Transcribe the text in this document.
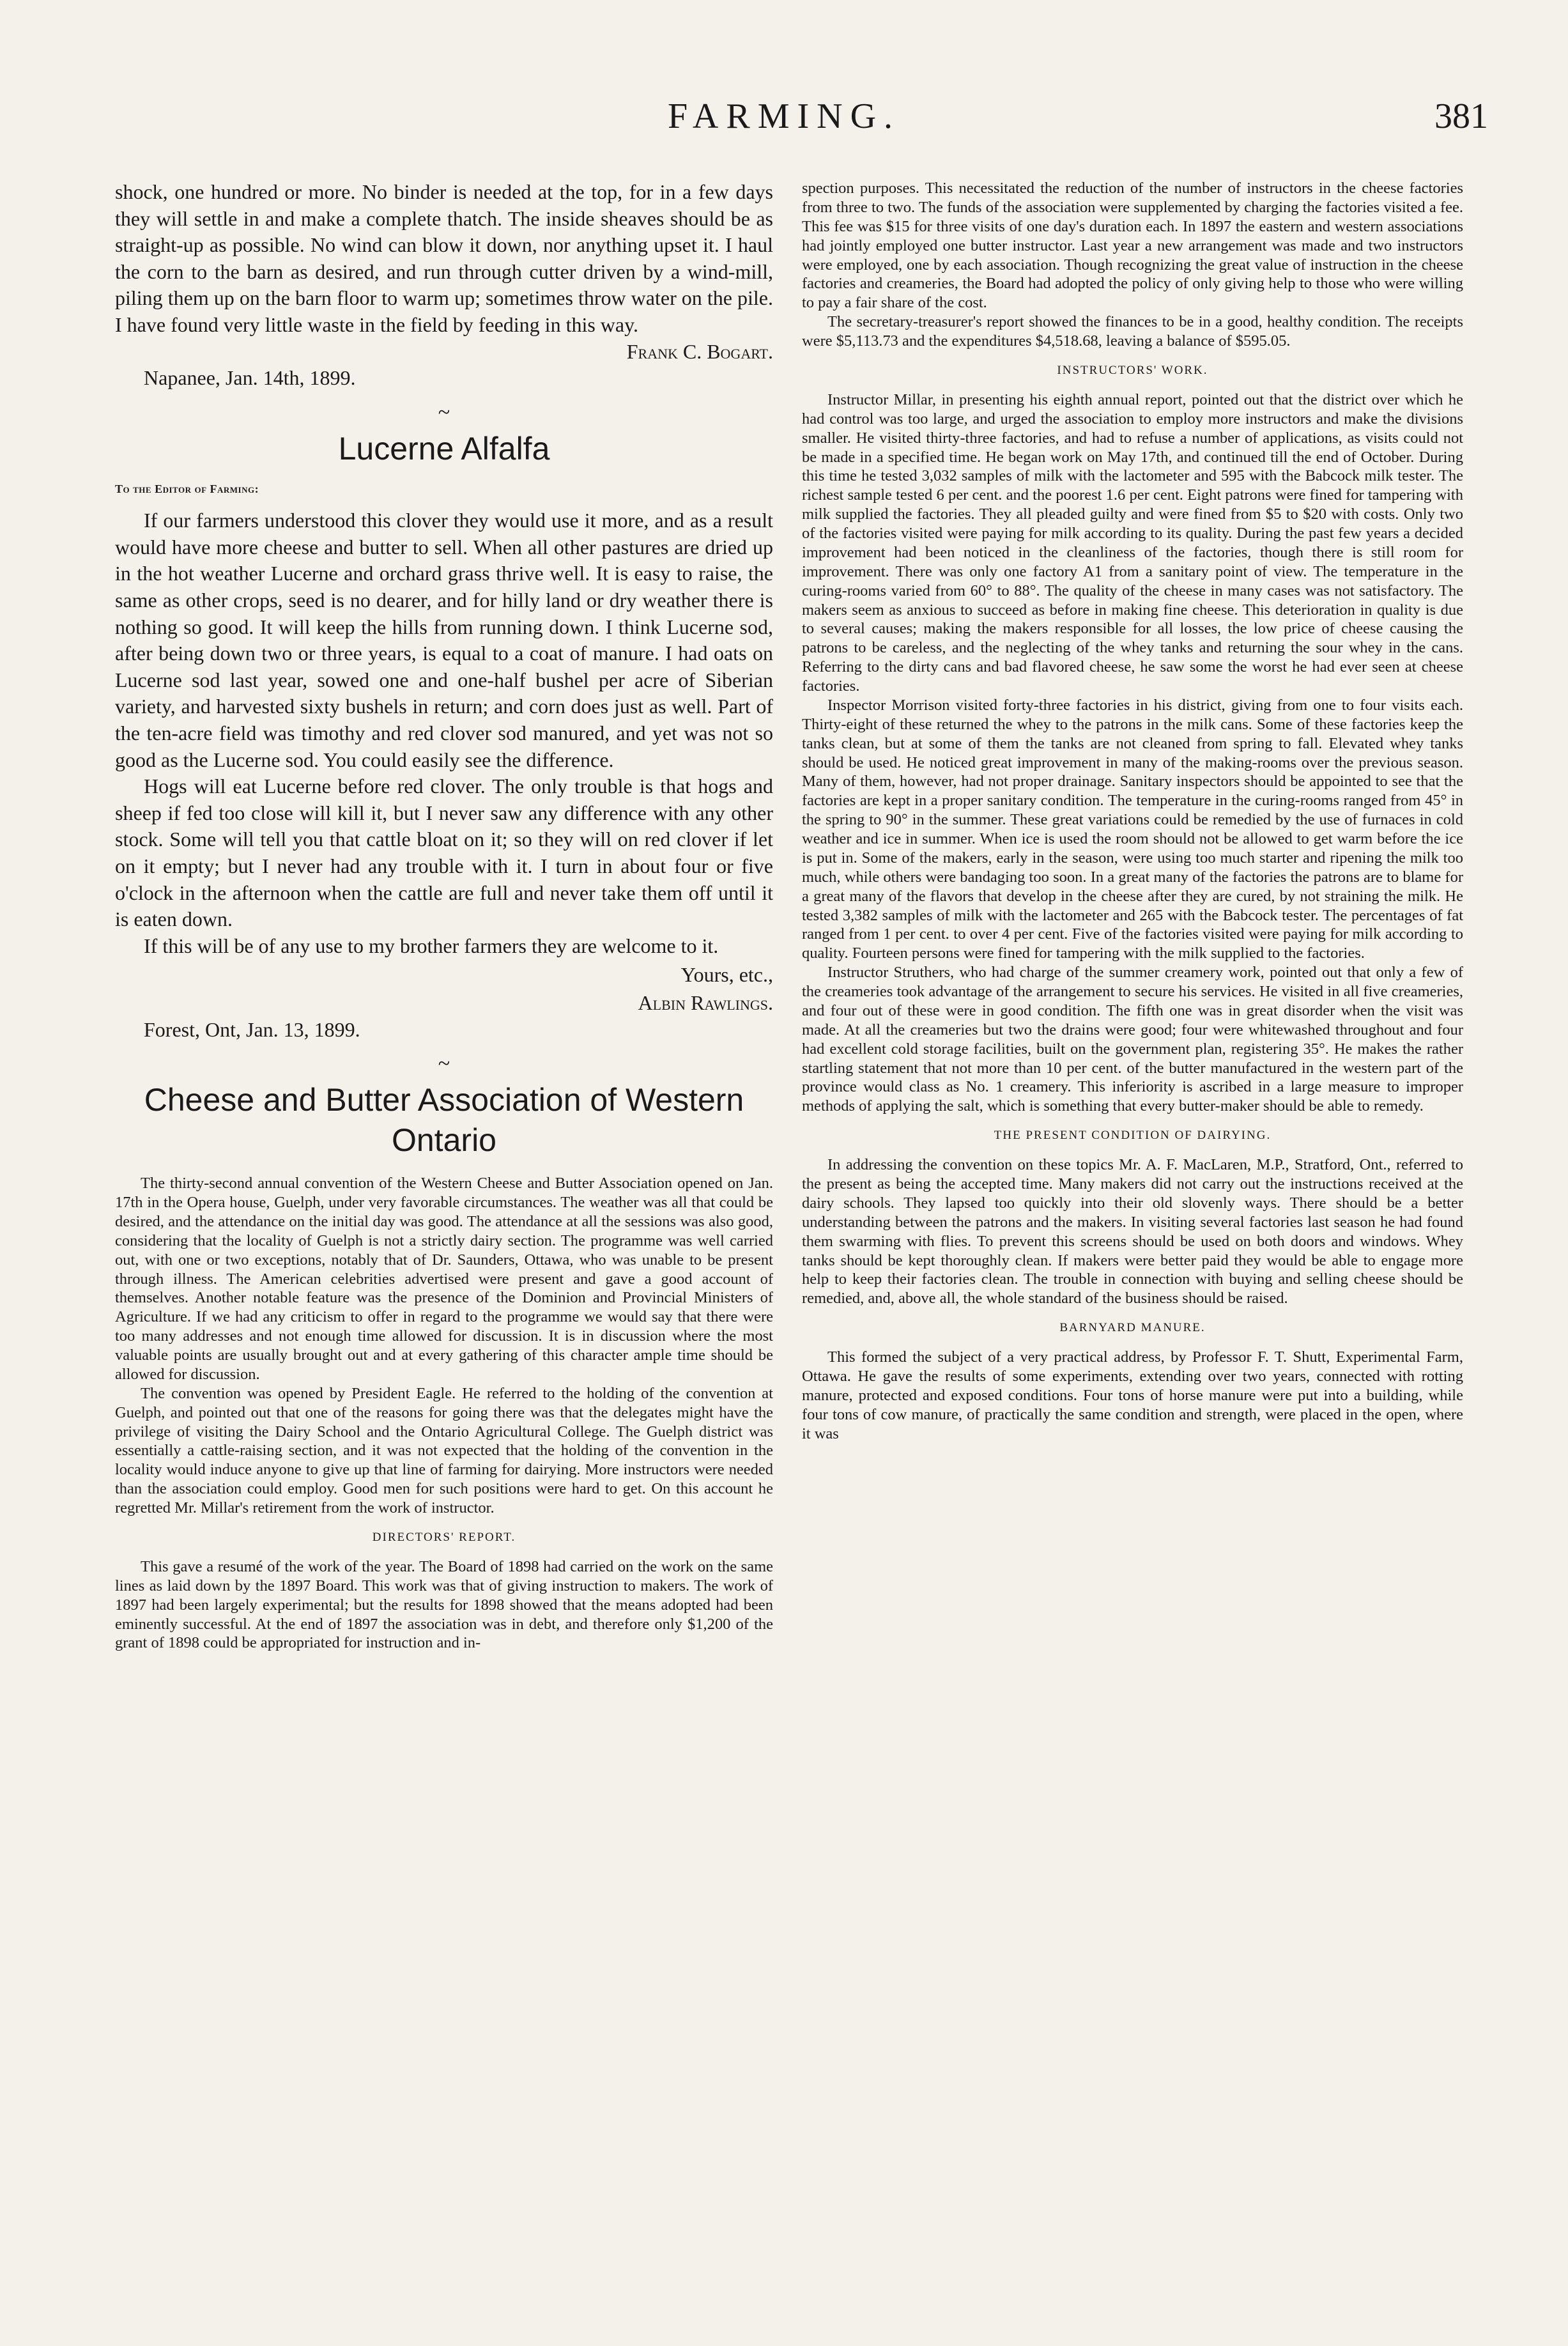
FARMING.	381

shock, one hundred or more. No binder is needed at the top, for in a few days they will settle in and make a complete thatch. The inside sheaves should be as straight-up as possible. No wind can blow it down, nor anything upset it. I haul the corn to the barn as desired, and run through cutter driven by a wind-mill, piling them up on the barn floor to warm up; sometimes throw water on the pile. I have found very little waste in the field by feeding in this way.

Frank C. Bogart.

Napanee, Jan. 14th, 1899.

~
Lucerne Alfalfa
To the Editor of Farming:

If our farmers understood this clover they would use it more, and as a result would have more cheese and butter to sell. When all other pastures are dried up in the hot weather Lucerne and orchard grass thrive well. It is easy to raise, the same as other crops, seed is no dearer, and for hilly land or dry weather there is nothing so good. It will keep the hills from running down. I think Lucerne sod, after being down two or three years, is equal to a coat of manure. I had oats on Lucerne sod last year, sowed one and one-half bushel per acre of Siberian variety, and harvested sixty bushels in return; and corn does just as well. Part of the ten-acre field was timothy and red clover sod manured, and yet was not so good as the Lucerne sod. You could easily see the difference.

Hogs will eat Lucerne before red clover. The only trouble is that hogs and sheep if fed too close will kill it, but I never saw any difference with any other stock. Some will tell you that cattle bloat on it; so they will on red clover if let on it empty; but I never had any trouble with it. I turn in about four or five o'clock in the afternoon when the cattle are full and never take them off until it is eaten down.

If this will be of any use to my brother farmers they are welcome to it.

Yours, etc.,

Albin Rawlings.

Forest, Ont, Jan. 13, 1899.

~
Cheese and Butter Association of Western Ontario

The thirty-second annual convention of the Western Cheese and Butter Association opened on Jan. 17th in the Opera house, Guelph, under very favorable circumstances. The weather was all that could be desired, and the attendance on the initial day was good. The attendance at all the sessions was also good, considering that the locality of Guelph is not a strictly dairy section. The programme was well carried out, with one or two exceptions, notably that of Dr. Saunders, Ottawa, who was unable to be present through illness. The American celebrities advertised were present and gave a good account of themselves. Another notable feature was the presence of the Dominion and Provincial Ministers of Agriculture. If we had any criticism to offer in regard to the programme we would say that there were too many addresses and not enough time allowed for discussion. It is in discussion where the most valuable points are usually brought out and at every gathering of this character ample time should be allowed for discussion.

The convention was opened by President Eagle. He referred to the holding of the convention at Guelph, and pointed out that one of the reasons for going there was that the delegates might have the privilege of visiting the Dairy School and the Ontario Agricultural College. The Guelph district was essentially a cattle-raising section, and it was not expected that the holding of the convention in the locality would induce anyone to give up that line of farming for dairying. More instructors were needed than the association could employ. Good men for such positions were hard to get. On this account he regretted Mr. Millar's retirement from the work of instructor.

DIRECTORS' REPORT.

This gave a resumé of the work of the year. The Board of 1898 had carried on the work on the same lines as laid down by the 1897 Board. This work was that of giving instruction to makers. The work of 1897 had been largely experimental; but the results for 1898 showed that the means adopted had been eminently successful. At the end of 1897 the association was in debt, and therefore only $1,200 of the grant of 1898 could be appropriated for instruction and in-

spection purposes. This necessitated the reduction of the number of instructors in the cheese factories from three to two. The funds of the association were supplemented by charging the factories visited a fee. This fee was $15 for three visits of one day's duration each. In 1897 the eastern and western associations had jointly employed one butter instructor. Last year a new arrangement was made and two instructors were employed, one by each association. Though recognizing the great value of instruction in the cheese factories and creameries, the Board had adopted the policy of only giving help to those who were willing to pay a fair share of the cost.

The secretary-treasurer's report showed the finances to be in a good, healthy condition. The receipts were $5,113.73 and the expenditures $4,518.68, leaving a balance of $595.05.

INSTRUCTORS' WORK.

Instructor Millar, in presenting his eighth annual report, pointed out that the district over which he had control was too large, and urged the association to employ more instructors and make the divisions smaller. He visited thirty-three factories, and had to refuse a number of applications, as visits could not be made in a specified time. He began work on May 17th, and continued till the end of October. During this time he tested 3,032 samples of milk with the lactometer and 595 with the Babcock milk tester. The richest sample tested 6 per cent. and the poorest 1.6 per cent. Eight patrons were fined for tampering with milk supplied the factories. They all pleaded guilty and were fined from $5 to $20 with costs. Only two of the factories visited were paying for milk according to its quality. During the past few years a decided improvement had been noticed in the cleanliness of the factories, though there is still room for improvement. There was only one factory A1 from a sanitary point of view. The temperature in the curing-rooms varied from 60° to 88°. The quality of the cheese in many cases was not satisfactory. The makers seem as anxious to succeed as before in making fine cheese. This deterioration in quality is due to several causes; making the makers responsible for all losses, the low price of cheese causing the patrons to be careless, and the neglecting of the whey tanks and returning the sour whey in the cans. Referring to the dirty cans and bad flavored cheese, he saw some the worst he had ever seen at cheese factories.

Inspector Morrison visited forty-three factories in his district, giving from one to four visits each. Thirty-eight of these returned the whey to the patrons in the milk cans. Some of these factories keep the tanks clean, but at some of them the tanks are not cleaned from spring to fall. Elevated whey tanks should be used. He noticed great improvement in many of the making-rooms over the previous season. Many of them, however, had not proper drainage. Sanitary inspectors should be appointed to see that the factories are kept in a proper sanitary condition. The temperature in the curing-rooms ranged from 45° in the spring to 90° in the summer. These great variations could be remedied by the use of furnaces in cold weather and ice in summer. When ice is used the room should not be allowed to get warm before the ice is put in. Some of the makers, early in the season, were using too much starter and ripening the milk too much, while others were bandaging too soon. In a great many of the factories the patrons are to blame for a great many of the flavors that develop in the cheese after they are cured, by not straining the milk. He tested 3,382 samples of milk with the lactometer and 265 with the Babcock tester. The percentages of fat ranged from 1 per cent. to over 4 per cent. Five of the factories visited were paying for milk according to quality. Fourteen persons were fined for tampering with the milk supplied to the factories.

Instructor Struthers, who had charge of the summer creamery work, pointed out that only a few of the creameries took advantage of the arrangement to secure his services. He visited in all five creameries, and four out of these were in good condition. The fifth one was in great disorder when the visit was made. At all the creameries but two the drains were good; four were whitewashed throughout and four had excellent cold storage facilities, built on the government plan, registering 35°. He makes the rather startling statement that not more than 10 per cent. of the butter manufactured in the western part of the province would class as No. 1 creamery. This inferiority is ascribed in a large measure to improper methods of applying the salt, which is something that every butter-maker should be able to remedy.

THE PRESENT CONDITION OF DAIRYING.

In addressing the convention on these topics Mr. A. F. MacLaren, M.P., Stratford, Ont., referred to the present as being the accepted time. Many makers did not carry out the instructions received at the dairy schools. They lapsed too quickly into their old slovenly ways. There should be a better understanding between the patrons and the makers. In visiting several factories last season he had found them swarming with flies. To prevent this screens should be used on both doors and windows. Whey tanks should be kept thoroughly clean. If makers were better paid they would be able to engage more help to keep their factories clean. The trouble in connection with buying and selling cheese should be remedied, and, above all, the whole standard of the business should be raised.

BARNYARD MANURE.

This formed the subject of a very practical address, by Professor F. T. Shutt, Experimental Farm, Ottawa. He gave the results of some experiments, extending over two years, connected with rotting manure, protected and exposed conditions. Four tons of horse manure were put into a building, while four tons of cow manure, of practically the same condition and strength, were placed in the open, where it was
